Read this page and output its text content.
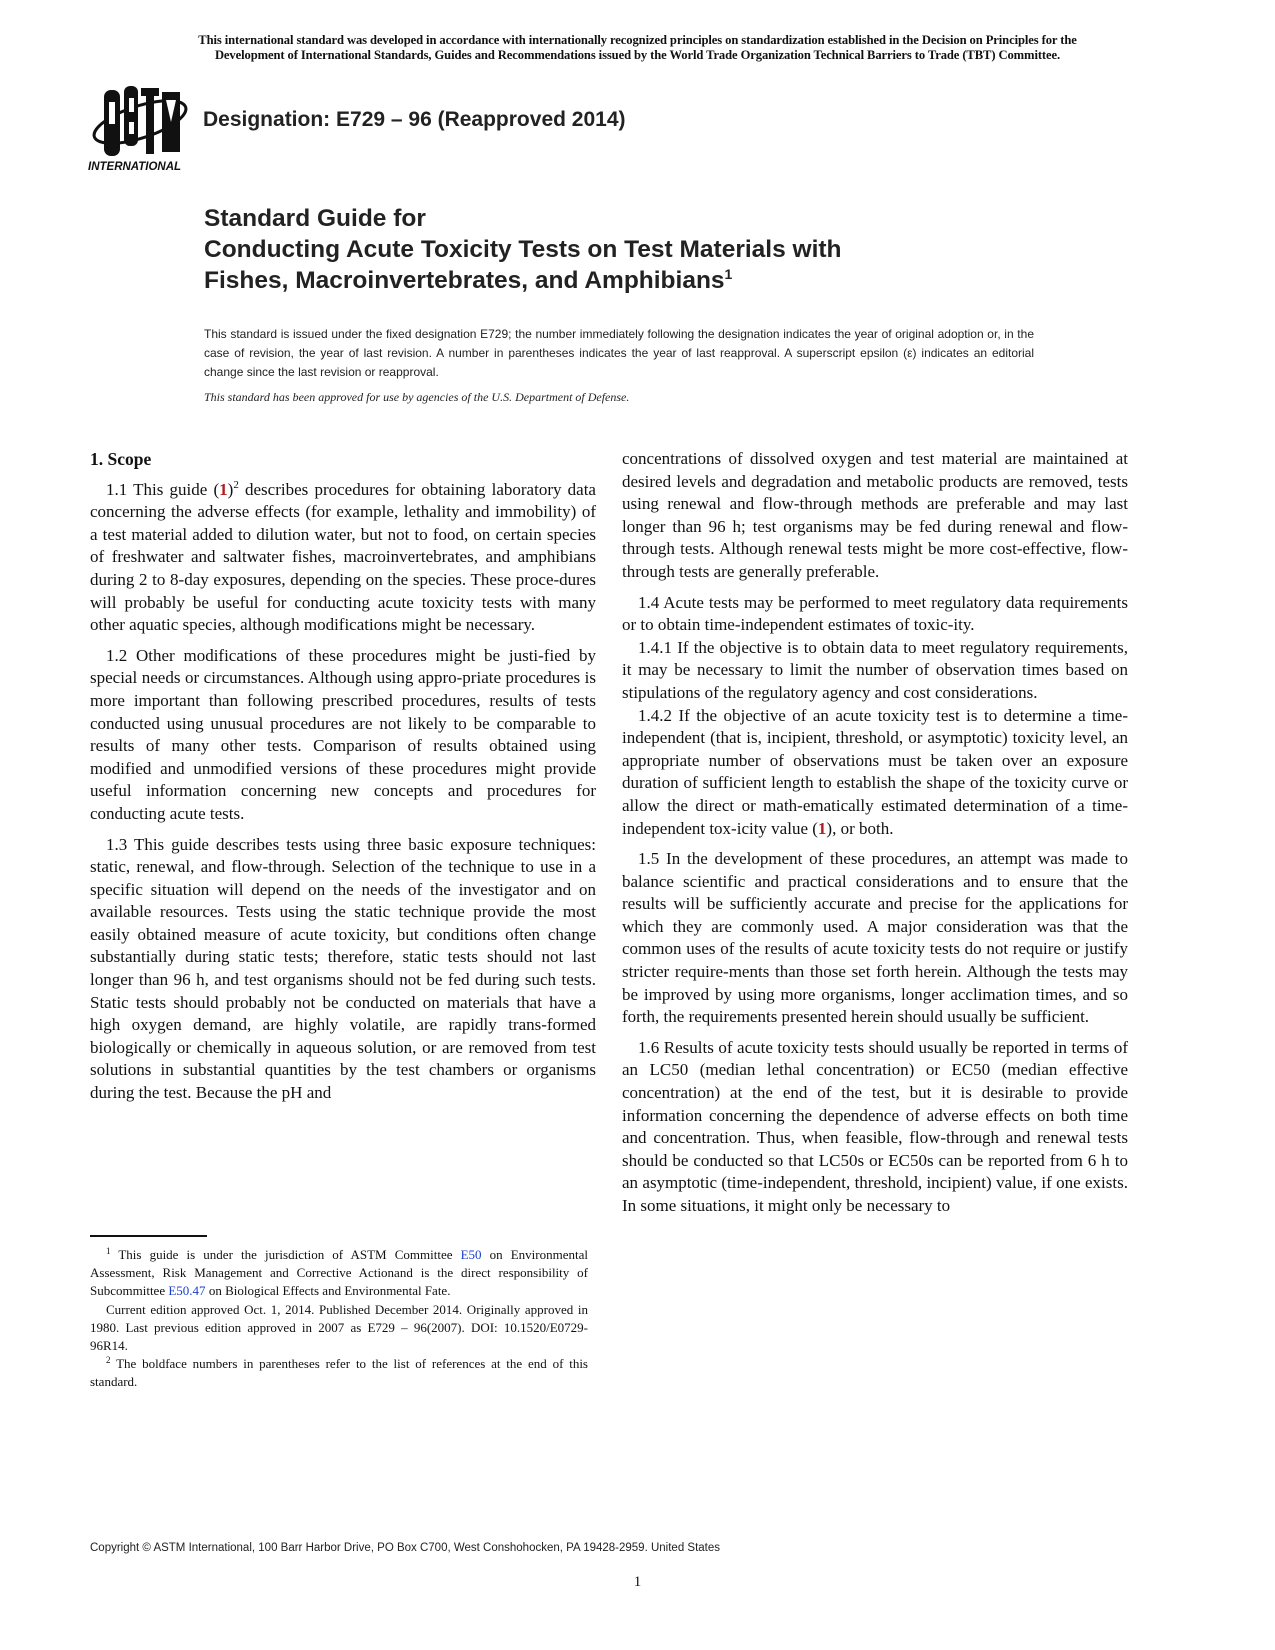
This international standard was developed in accordance with internationally recognized principles on standardization established in the Decision on Principles for the
Development of International Standards, Guides and Recommendations issued by the World Trade Organization Technical Barriers to Trade (TBT) Committee.
INTERNATIONAL
Designation: E729 – 96 (Reapproved 2014)
Standard Guide for
Conducting Acute Toxicity Tests on Test Materials with
Fishes, Macroinvertebrates, and Amphibians$^1$
This standard is issued under the fixed designation E729; the number immediately following the designation indicates the year of original adoption or, in the case of revision, the year of last revision. A number in parentheses indicates the year of last reapproval. A superscript epsilon (ε) indicates an editorial change since the last revision or reapproval.
This standard has been approved for use by agencies of the U.S. Department of Defense.
1. Scope

1.1 This guide $(1)^2$ describes procedures for obtaining laboratory data concerning the adverse effects (for example, lethality and immobility) of a test material added to dilution water, but not to food, on certain species of freshwater and saltwater fishes, macroinvertebrates, and amphibians during 2 to 8-day exposures, depending on the species. These proce-dures will probably be useful for conducting acute toxicity tests with many other aquatic species, although modifications might be necessary.

1.2 Other modifications of these procedures might be justi-fied by special needs or circumstances. Although using appro-priate procedures is more important than following prescribed procedures, results of tests conducted using unusual procedures are not likely to be comparable to results of many other tests. Comparison of results obtained using modified and unmodified versions of these procedures might provide useful information concerning new concepts and procedures for conducting acute tests.

1.3 This guide describes tests using three basic exposure techniques: static, renewal, and flow-through. Selection of the technique to use in a specific situation will depend on the needs of the investigator and on available resources. Tests using the static technique provide the most easily obtained measure of acute toxicity, but conditions often change substantially during static tests; therefore, static tests should not last longer than 96 h, and test organisms should not be fed during such tests. Static tests should probably not be conducted on materials that have a high oxygen demand, are highly volatile, are rapidly trans-formed biologically or chemically in aqueous solution, or are removed from test solutions in substantial quantities by the test chambers or organisms during the test. Because the pH and

$^1$ This guide is under the jurisdiction of ASTM Committee E50 on Environmental Assessment, Risk Management and Corrective Actionand is the direct responsibility of Subcommittee E50.47 on Biological Effects and Environmental Fate.

Current edition approved Oct. 1, 2014. Published December 2014. Originally approved in 1980. Last previous edition approved in 2007 as E729 – 96(2007). DOI: 10.1520/E0729-96R14.

$^2$ The boldface numbers in parentheses refer to the list of references at the end of this standard.

concentrations of dissolved oxygen and test material are maintained at desired levels and degradation and metabolic products are removed, tests using renewal and flow-through methods are preferable and may last longer than 96 h; test organisms may be fed during renewal and flow-through tests. Although renewal tests might be more cost-effective, flow-through tests are generally preferable.

1.4 Acute tests may be performed to meet regulatory data requirements or to obtain time-independent estimates of toxic-ity.

1.4.1 If the objective is to obtain data to meet regulatory requirements, it may be necessary to limit the number of observation times based on stipulations of the regulatory agency and cost considerations.

1.4.2 If the objective of an acute toxicity test is to determine a time-independent (that is, incipient, threshold, or asymptotic) toxicity level, an appropriate number of observations must be taken over an exposure duration of sufficient length to establish the shape of the toxicity curve or allow the direct or math-ematically estimated determination of a time-independent tox-icity value (1), or both.

1.5 In the development of these procedures, an attempt was made to balance scientific and practical considerations and to ensure that the results will be sufficiently accurate and precise for the applications for which they are commonly used. A major consideration was that the common uses of the results of acute toxicity tests do not require or justify stricter require-ments than those set forth herein. Although the tests may be improved by using more organisms, longer acclimation times, and so forth, the requirements presented herein should usually be sufficient.

1.6 Results of acute toxicity tests should usually be reported in terms of an LC50 (median lethal concentration) or EC50 (median effective concentration) at the end of the test, but it is desirable to provide information concerning the dependence of adverse effects on both time and concentration. Thus, when feasible, flow-through and renewal tests should be conducted so that LC50s or EC50s can be reported from 6 h to an asymptotic (time-independent, threshold, incipient) value, if one exists. In some situations, it might only be necessary to

Copyright © ASTM International, 100 Barr Harbor Drive, PO Box C700, West Conshohocken, PA 19428-2959. United States
1
